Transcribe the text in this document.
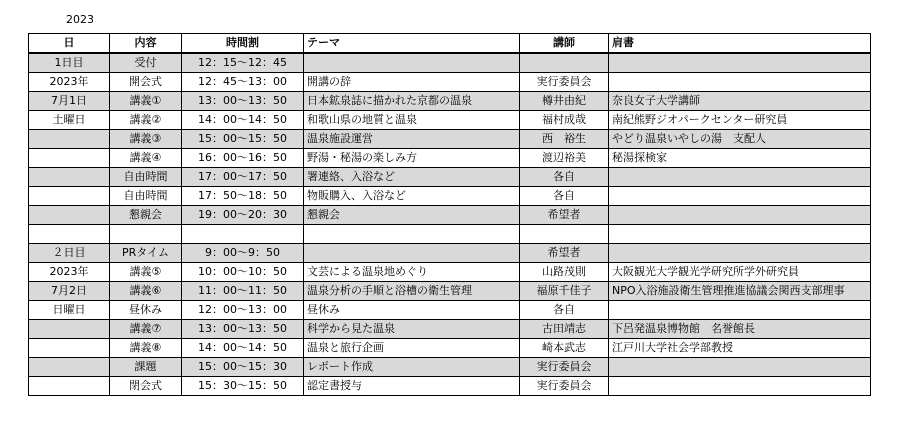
2023
日	内容	時間割	テーマ	講師	肩書
1日目	受付	12：15〜12：45			
2023年	開会式	12：45〜13：00	開講の辞	実行委員会	
7月1日	講義①	13：00〜13：50	日本鉱泉誌に描かれた京都の温泉	樽井由紀	奈良女子大学講師
土曜日	講義②	14：00〜14：50	和歌山県の地質と温泉	福村成哉	南紀熊野ジオパークセンター研究員
	講義③	15：00〜15：50	温泉施設運営	西　裕生	やどり温泉いやしの湯　支配人
	講義④	16：00〜16：50	野湯・秘湯の楽しみ方	渡辺裕美	秘湯探検家
	自由時間	17：00〜17：50	署連絡、入浴など	各自	
	自由時間	17：50〜18：50	物販購入、入浴など	各自	
	懇親会	19：00〜20：30	懇親会	希望者	

２日目	PRタイム	9：00〜9：50		希望者	
2023年	講義⑤	10：00〜10：50	文芸による温泉地めぐり	山路茂則	大阪観光大学観光学研究所学外研究員
7月2日	講義⑥	11：00〜11：50	温泉分析の手順と浴槽の衛生管理	福原千佳子	NPO入浴施設衛生管理推進協議会関西支部理事
日曜日	昼休み	12：00〜13：00	昼休み	各自	
	講義⑦	13：00〜13：50	科学から見た温泉	古田靖志	下呂発温泉博物館　名誉館長
	講義⑧	14：00〜14：50	温泉と旅行企画	崎本武志	江戸川大学社会学部教授
	課題	15：00〜15：30	レポート作成	実行委員会	
	閉会式	15：30〜15：50	認定書授与	実行委員会	
